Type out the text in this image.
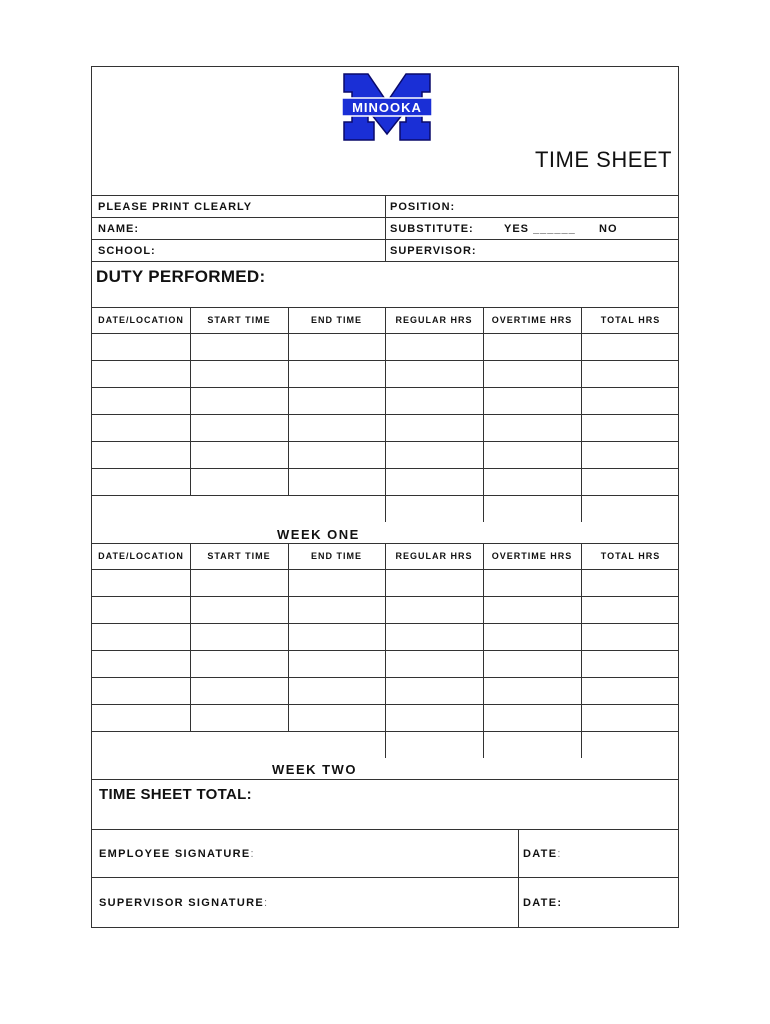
MINOOKA
TIME SHEET
PLEASE PRINT CLEARLY	POSITION:
NAME:	SUBSTITUTE:	YES ______ NO
SCHOOL:	SUPERVISOR:
DUTY PERFORMED:
DATE/LOCATION	START TIME	END TIME	REGULAR HRS	OVERTIME HRS	TOTAL HRS
DATE/LOCATION	START TIME	END TIME	REGULAR HRS	OVERTIME HRS	TOTAL HRS
WEEK ONE
WEEK TWO
TIME SHEET TOTAL:
EMPLOYEE SIGNATURE:	DATE:
SUPERVISOR SIGNATURE:	DATE:
